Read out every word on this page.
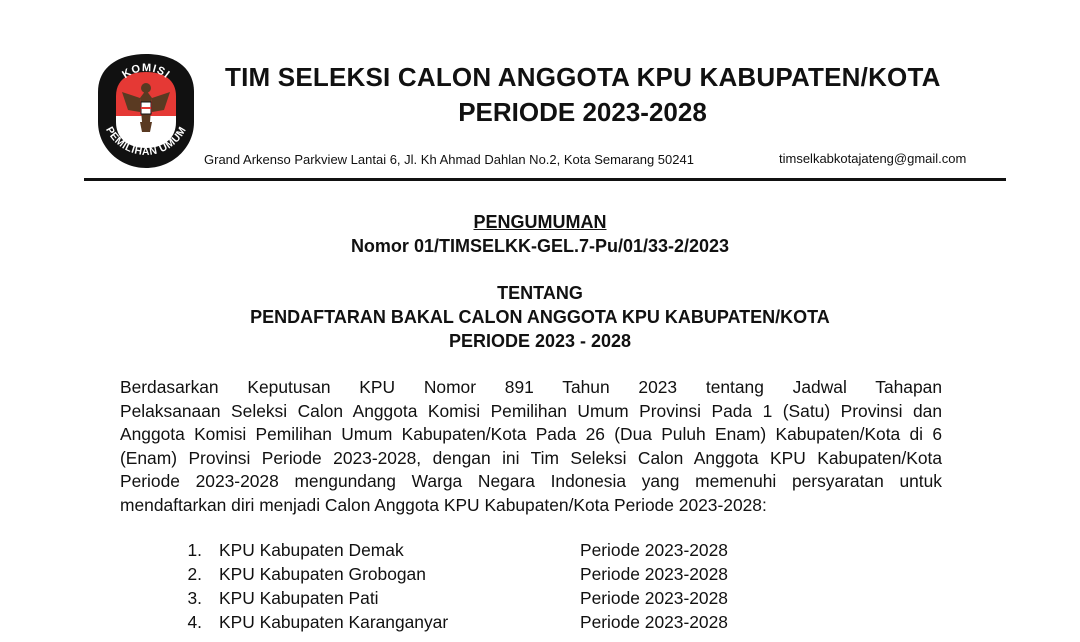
KOMISI
PEMILIHAN UMUM
TIM SELEKSI CALON ANGGOTA KPU KABUPATEN/KOTA
PERIODE 2023-2028
Grand Arkenso Parkview Lantai 6, Jl. Kh Ahmad Dahlan No.2, Kota Semarang 50241	timselkabkotajateng@gmail.com
PENGUMUMAN
Nomor 01/TIMSELKK-GEL.7-Pu/01/33-2/2023
TENTANG
PENDAFTARAN BAKAL CALON ANGGOTA KPU KABUPATEN/KOTA
PERIODE 2023 - 2028
Berdasarkan Keputusan KPU Nomor 891 Tahun 2023 tentang Jadwal Tahapan
Pelaksanaan Seleksi Calon Anggota Komisi Pemilihan Umum Provinsi Pada 1 (Satu) Provinsi dan
Anggota Komisi Pemilihan Umum Kabupaten/Kota Pada 26 (Dua Puluh Enam) Kabupaten/Kota di 6
(Enam) Provinsi Periode 2023-2028, dengan ini Tim Seleksi Calon Anggota KPU Kabupaten/Kota
Periode 2023-2028 mengundang Warga Negara Indonesia yang memenuhi persyaratan untuk
mendaftarkan diri menjadi Calon Anggota KPU Kabupaten/Kota Periode 2023-2028:
1. KPU Kabupaten Demak	Periode 2023-2028
2. KPU Kabupaten Grobogan	Periode 2023-2028
3. KPU Kabupaten Pati	Periode 2023-2028
4. KPU Kabupaten Karanganyar	Periode 2023-2028
